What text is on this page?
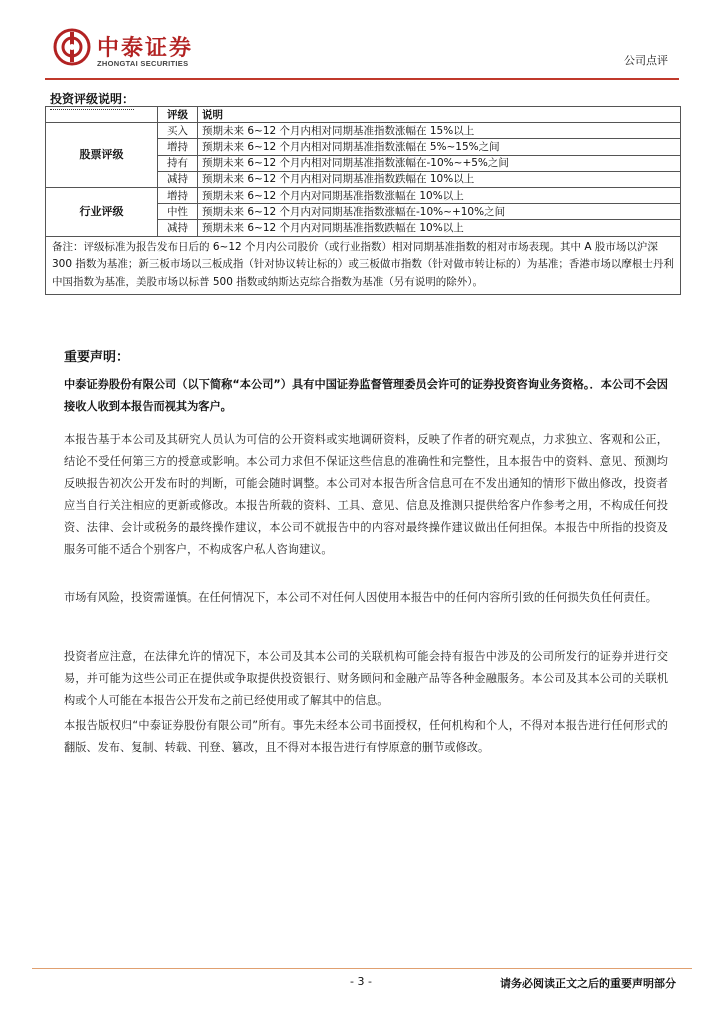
中泰证券
ZHONGTAI SECURITIES	公司点评
投资评级说明：
	评级	说明
股票评级	买入	预期未来 6~12 个月内相对同期基准指数涨幅在 15%以上
	增持	预期未来 6~12 个月内相对同期基准指数涨幅在 5%~15%之间
	持有	预期未来 6~12 个月内相对同期基准指数涨幅在-10%~+5%之间
	减持	预期未来 6~12 个月内相对同期基准指数跌幅在 10%以上
行业评级	增持	预期未来 6~12 个月内对同期基准指数涨幅在 10%以上
	中性	预期未来 6~12 个月内对同期基准指数涨幅在-10%~+10%之间
	减持	预期未来 6~12 个月内对同期基准指数跌幅在 10%以上
备注：评级标准为报告发布日后的 6~12 个月内公司股价（或行业指数）相对同期基准指数的相对市场表现。其中 A 股市场以沪深 300 指数为基准；新三板市场以三板成指（针对协议转让标的）或三板做市指数（针对做市转让标的）为基准；香港市场以摩根士丹利中国指数为基准，美股市场以标普 500 指数或纳斯达克综合指数为基准（另有说明的除外）。		
重要声明：
中泰证券股份有限公司（以下简称“本公司”）具有中国证券监督管理委员会许可的证券投资咨询业务资格。．本公司不会因接收人收到本报告而视其为客户。
本报告基于本公司及其研究人员认为可信的公开资料或实地调研资料，反映了作者的研究观点，力求独立、客观和公正，结论不受任何第三方的授意或影响。本公司力求但不保证这些信息的准确性和完整性，且本报告中的资料、意见、预测均反映报告初次公开发布时的判断，可能会随时调整。本公司对本报告所含信息可在不发出通知的情形下做出修改，投资者应当自行关注相应的更新或修改。本报告所载的资料、工具、意见、信息及推测只提供给客户作参考之用，不构成任何投资、法律、会计或税务的最终操作建议，本公司不就报告中的内容对最终操作建议做出任何担保。本报告中所指的投资及服务可能不适合个别客户，不构成客户私人咨询建议。
市场有风险，投资需谨慎。在任何情况下，本公司不对任何人因使用本报告中的任何内容所引致的任何损失负任何责任。
投资者应注意，在法律允许的情况下，本公司及其本公司的关联机构可能会持有报告中涉及的公司所发行的证券并进行交易，并可能为这些公司正在提供或争取提供投资银行、财务顾问和金融产品等各种金融服务。本公司及其本公司的关联机构或个人可能在本报告公开发布之前已经使用或了解其中的信息。
本报告版权归“中泰证券股份有限公司”所有。事先未经本公司书面授权，任何机构和个人，不得对本报告进行任何形式的翻版、发布、复制、转载、刊登、篡改，且不得对本报告进行有悖原意的删节或修改。
- 3 -	请务必阅读正文之后的重要声明部分
